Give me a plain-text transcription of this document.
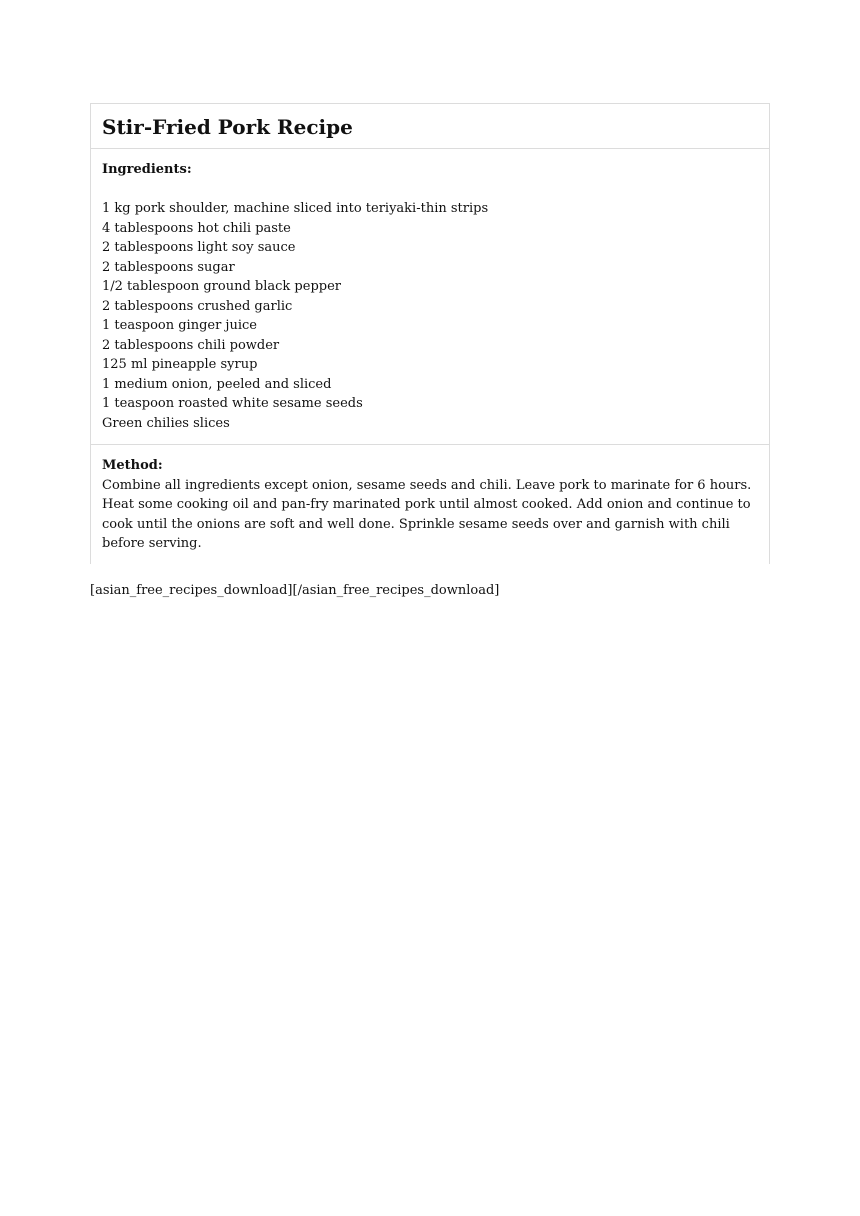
Stir-Fried Pork Recipe

Ingredients:

1 kg pork shoulder, machine sliced into teriyaki-thin strips
4 tablespoons hot chili paste
2 tablespoons light soy sauce
2 tablespoons sugar
1/2 tablespoon ground black pepper
2 tablespoons crushed garlic
1 teaspoon ginger juice
2 tablespoons chili powder
125 ml pineapple syrup
1 medium onion, peeled and sliced
1 teaspoon roasted white sesame seeds
Green chilies slices

Method:

Combine all ingredients except onion, sesame seeds and chili. Leave pork to marinate for 6 hours. Heat some cooking oil and pan-fry marinated pork until almost cooked. Add onion and continue to cook until the onions are soft and well done. Sprinkle sesame seeds over and garnish with chili before serving.

[asian_free_recipes_download][/asian_free_recipes_download]
